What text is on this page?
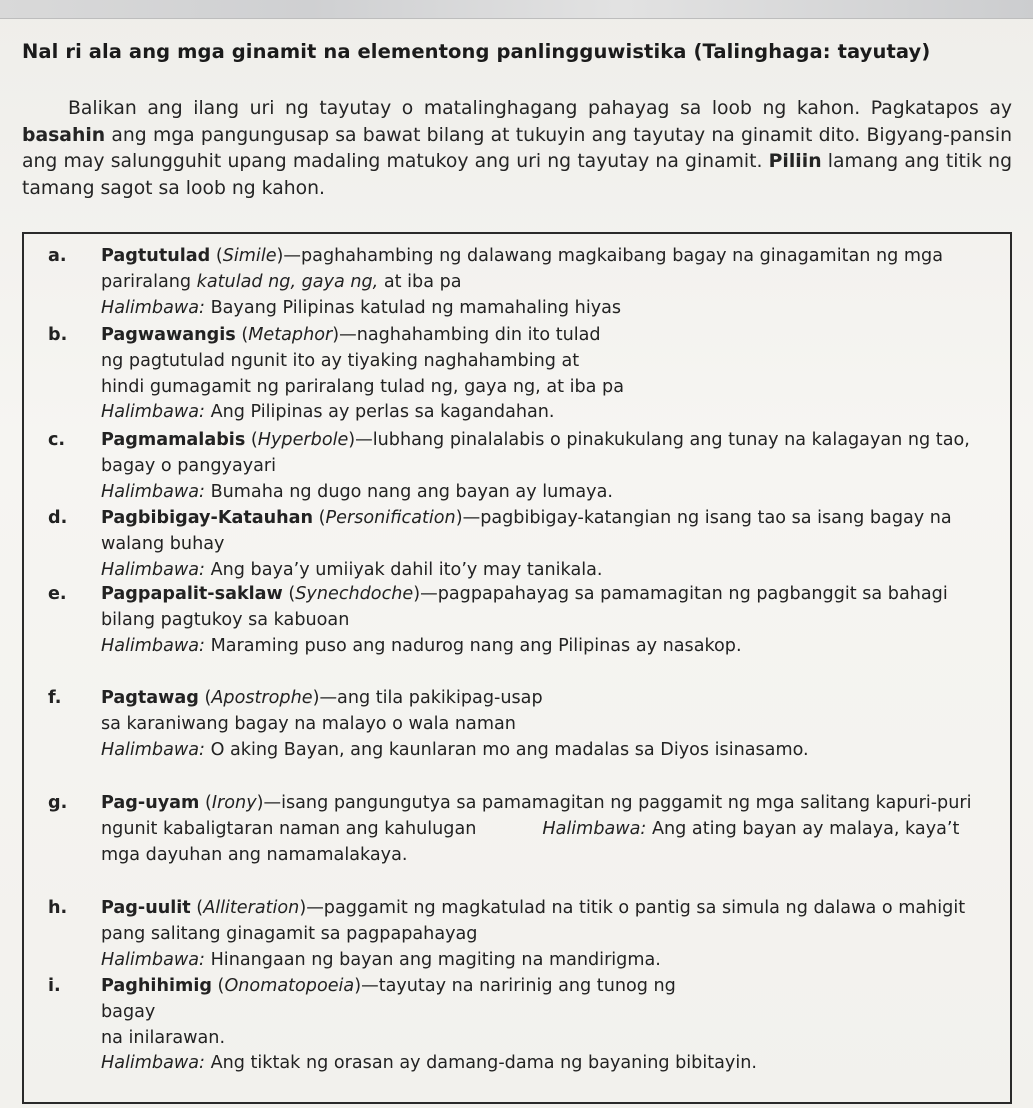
Nal ri ala ang mga ginamit na elementong panlingguwistika (Talinghaga: tayutay)
Balikan ang ilang uri ng tayutay o matalinghagang pahayag sa loob ng kahon. Pagkatapos ay basahin ang mga pangungusap sa bawat bilang at tukuyin ang tayutay na ginamit dito. Bigyang-pansin ang may salungguhit upang madaling matukoy ang uri ng tayutay na ginamit. Piliin lamang ang titik ng tamang sagot sa loob ng kahon.
a. Pagtutulad (Simile)—paghahambing ng dalawang magkaibang bagay na ginagamitan ng mga pariralang katulad ng, gaya ng, at iba pa
Halimbawa: Bayang Pilipinas katulad ng mamahaling hiyas
b. Pagwawangis (Metaphor)—naghahambing din ito tulad
ng pagtutulad ngunit ito ay tiyaking naghahambing at
hindi gumagamit ng pariralang tulad ng, gaya ng, at iba pa
Halimbawa: Ang Pilipinas ay perlas sa kagandahan.
c. Pagmamalabis (Hyperbole)—lubhang pinalalabis o pinakukulang ang tunay na kalagayan ng tao, bagay o pangyayari
Halimbawa: Bumaha ng dugo nang ang bayan ay lumaya.
d. Pagbibigay-Katauhan (Personification)—pagbibigay-katangian ng isang tao sa isang bagay na walang buhay
Halimbawa: Ang baya’y umiiyak dahil ito’y may tanikala.
e. Pagpapalit-saklaw (Synechdoche)—pagpapahayag sa pamamagitan ng pagbanggit sa bahagi bilang pagtukoy sa kabuoan
Halimbawa: Maraming puso ang nadurog nang ang Pilipinas ay nasakop.
f. Pagtawag (Apostrophe)—ang tila pakikipag-usap
sa karaniwang bagay na malayo o wala naman
Halimbawa: O aking Bayan, ang kaunlaran mo ang madalas sa Diyos isinasamo.
g. Pag-uyam (Irony)—isang pangungutya sa pamamagitan ng paggamit ng mga salitang kapuri-puri ngunit kabaligtaran naman ang kahulugan	Halimbawa: Ang ating bayan ay malaya, kaya’t mga dayuhan ang namamalakaya.
h. Pag-uulit (Alliteration)—paggamit ng magkatulad na titik o pantig sa simula ng dalawa o mahigit pang salitang ginagamit sa pagpapahayag
Halimbawa: Hinangaan ng bayan ang magiting na mandirigma.
i. Paghihimig (Onomatopoeia)—tayutay na naririnig ang tunog ng
bagay
na inilarawan.
Halimbawa: Ang tiktak ng orasan ay damang-dama ng bayaning bibitayin.
